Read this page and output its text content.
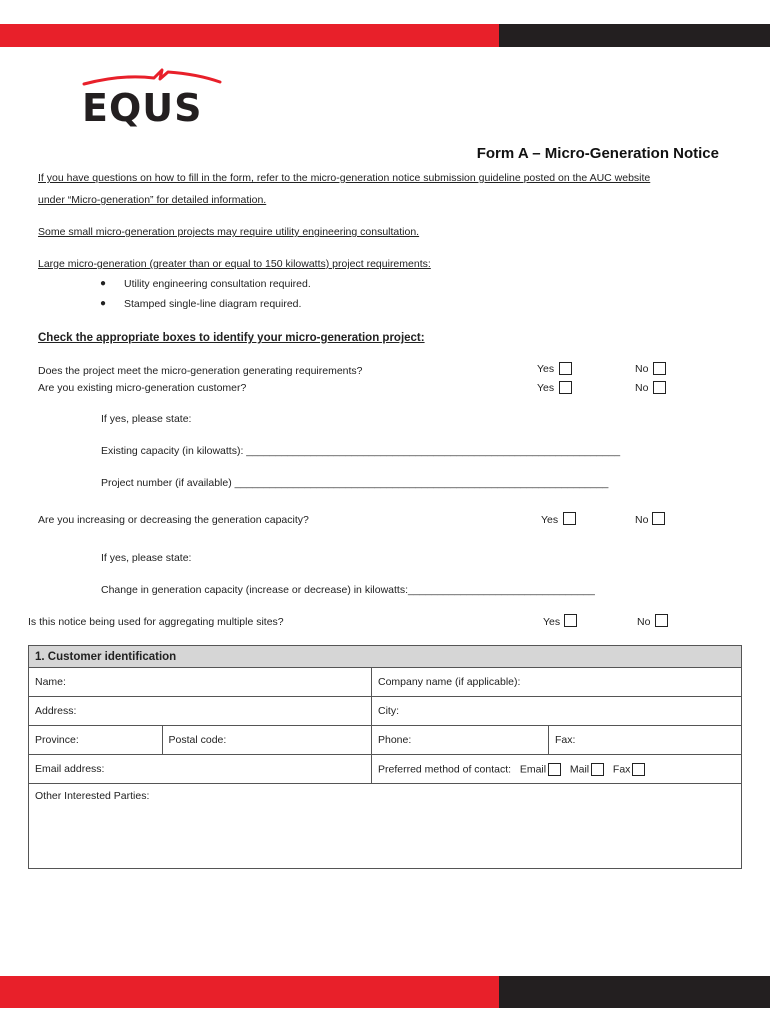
EQUS
Form A – Micro-Generation Notice
If you have questions on how to fill in the form, refer to the micro-generation notice submission guideline posted on the AUC website
under “Micro-generation” for detailed information.
Some small micro-generation projects may require utility engineering consultation.
Large micro-generation (greater than or equal to 150 kilowatts) project requirements:
● Utility engineering consultation required.
● Stamped single-line diagram required.
Check the appropriate boxes to identify your micro-generation project:
Does the project meet the micro-generation generating requirements?	Yes	No
Are you existing micro-generation customer?	Yes	No
If yes, please state:
Existing capacity (in kilowatts): ________________________________________________________________
Project number (if available) ________________________________________________________________
Are you increasing or decreasing the generation capacity?	Yes	No
If yes, please state:
Change in generation capacity (increase or decrease) in kilowatts:________________________________
Is this notice being used for aggregating multiple sites?	Yes	No
1. Customer identification			
Name:		Company name (if applicable):	
Address:		City:	
Province:	Postal code:	Phone:	Fax:
Email address:		Preferred method of contact: Email Mail Fax	
Other Interested Parties:			
